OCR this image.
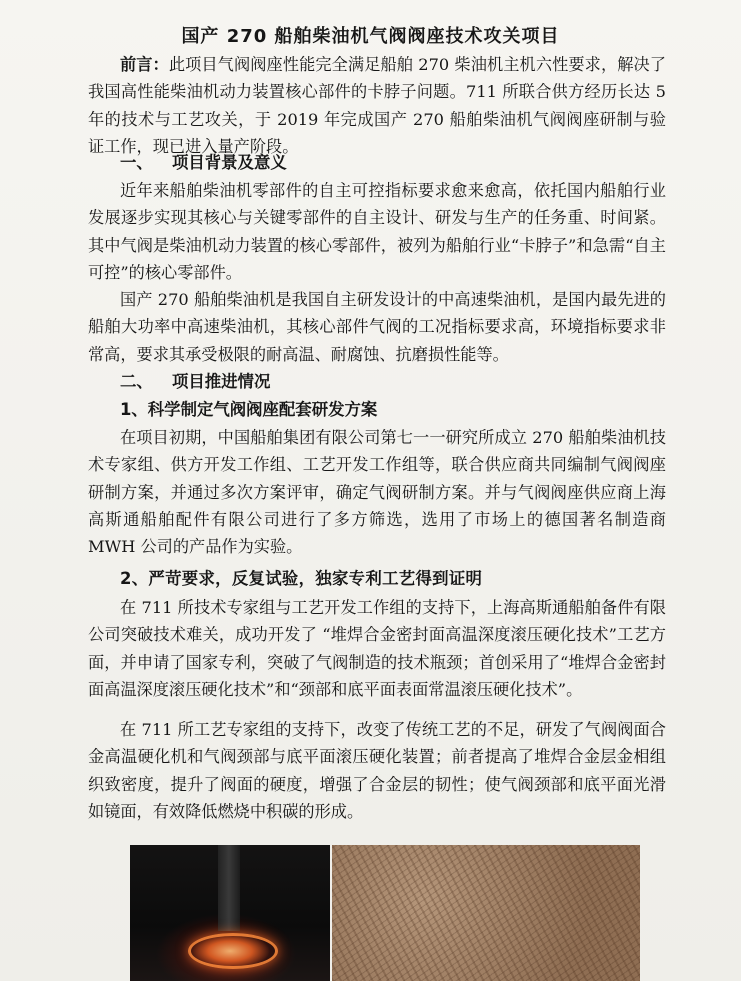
国产 270 船舶柴油机气阀阀座技术攻关项目

前言：此项目气阀阀座性能完全满足船舶 270 柴油机主机六性要求，解决了我国高性能柴油机动力装置核心部件的卡脖子问题。711 所联合供方经历长达 5 年的技术与工艺攻关，于 2019 年完成国产 270 船舶柴油机气阀阀座研制与验证工作，现已进入量产阶段。

一、 项目背景及意义

近年来船舶柴油机零部件的自主可控指标要求愈来愈高，依托国内船舶行业发展逐步实现其核心与关键零部件的自主设计、研发与生产的任务重、时间紧。其中气阀是柴油机动力装置的核心零部件，被列为船舶行业“卡脖子”和急需“自主可控”的核心零部件。

国产 270 船舶柴油机是我国自主研发设计的中高速柴油机，是国内最先进的船舶大功率中高速柴油机，其核心部件气阀的工况指标要求高，环境指标要求非常高，要求其承受极限的耐高温、耐腐蚀、抗磨损性能等。

二、 项目推进情况
1、科学制定气阀阀座配套研发方案

在项目初期，中国船舶集团有限公司第七一一研究所成立 270 船舶柴油机技术专家组、供方开发工作组、工艺开发工作组等，联合供应商共同编制气阀阀座研制方案，并通过多次方案评审，确定气阀研制方案。并与气阀阀座供应商上海高斯通船舶配件有限公司进行了多方筛选，选用了市场上的德国著名制造商 MWH 公司的产品作为实验。

2、严苛要求，反复试验，独家专利工艺得到证明

在 711 所技术专家组与工艺开发工作组的支持下，上海高斯通船舶备件有限公司突破技术难关，成功开发了 “堆焊合金密封面高温深度滚压硬化技术”工艺方面，并申请了国家专利，突破了气阀制造的技术瓶颈；首创采用了“堆焊合金密封面高温深度滚压硬化技术”和“颈部和底平面表面常温滚压硬化技术”。

在 711 所工艺专家组的支持下，改变了传统工艺的不足，研发了气阀阀面合金高温硬化机和气阀颈部与底平面滚压硬化装置；前者提高了堆焊合金层金相组织致密度，提升了阀面的硬度，增强了合金层的韧性；使气阀颈部和底平面光滑如镜面，有效降低燃烧中积碳的形成。
